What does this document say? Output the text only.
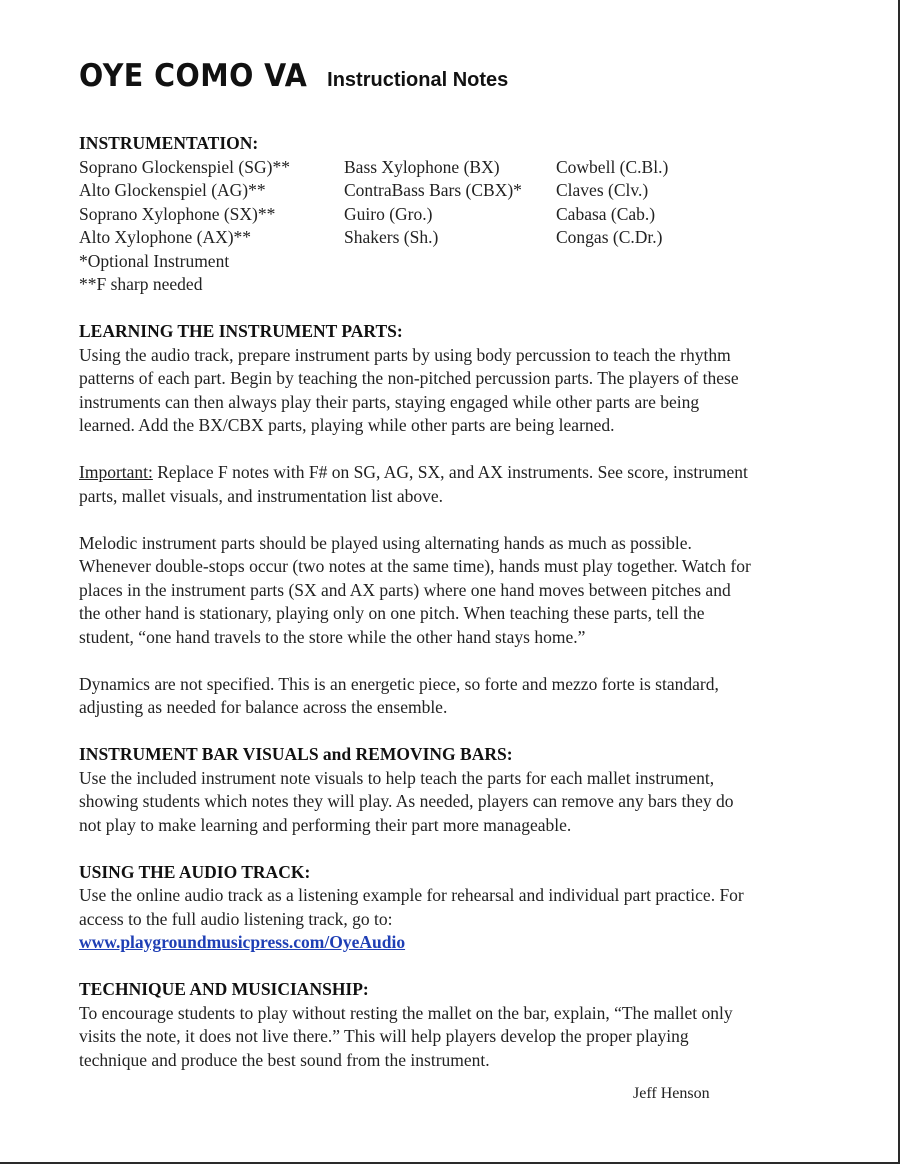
OYE COMO VA Instructional Notes
INSTRUMENTATION:
Soprano Glockenspiel (SG)**
Alto Glockenspiel (AG)**
Soprano Xylophone (SX)**
Alto Xylophone (AX)**
*Optional Instrument
**F sharp needed
Bass Xylophone (BX)
ContraBass Bars (CBX)*
Guiro (Gro.)
Shakers (Sh.)
Cowbell (C.Bl.)
Claves (Clv.)
Cabasa (Cab.)
Congas (C.Dr.)
LEARNING THE INSTRUMENT PARTS:

Using the audio track, prepare instrument parts by using body percussion to teach the rhythm

patterns of each part. Begin by teaching the non-pitched percussion parts. The players of these

instruments can then always play their parts, staying engaged while other parts are being

learned. Add the BX/CBX parts, playing while other parts are being learned.

Important: Replace F notes with F# on SG, AG, SX, and AX instruments. See score, instrument

parts, mallet visuals, and instrumentation list above.

Melodic instrument parts should be played using alternating hands as much as possible.

Whenever double-stops occur (two notes at the same time), hands must play together. Watch for

places in the instrument parts (SX and AX parts) where one hand moves between pitches and

the other hand is stationary, playing only on one pitch. When teaching these parts, tell the

student, “one hand travels to the store while the other hand stays home.”

Dynamics are not specified. This is an energetic piece, so forte and mezzo forte is standard,

adjusting as needed for balance across the ensemble.

INSTRUMENT BAR VISUALS and REMOVING BARS:

Use the included instrument note visuals to help teach the parts for each mallet instrument,

showing students which notes they will play. As needed, players can remove any bars they do

not play to make learning and performing their part more manageable.

USING THE AUDIO TRACK:

Use the online audio track as a listening example for rehearsal and individual part practice. For

access to the full audio listening track, go to:

www.playgroundmusicpress.com/OyeAudio

TECHNIQUE AND MUSICIANSHIP:

To encourage students to play without resting the mallet on the bar, explain, “The mallet only

visits the note, it does not live there.” This will help players develop the proper playing

technique and produce the best sound from the instrument.

Jeff Henson
